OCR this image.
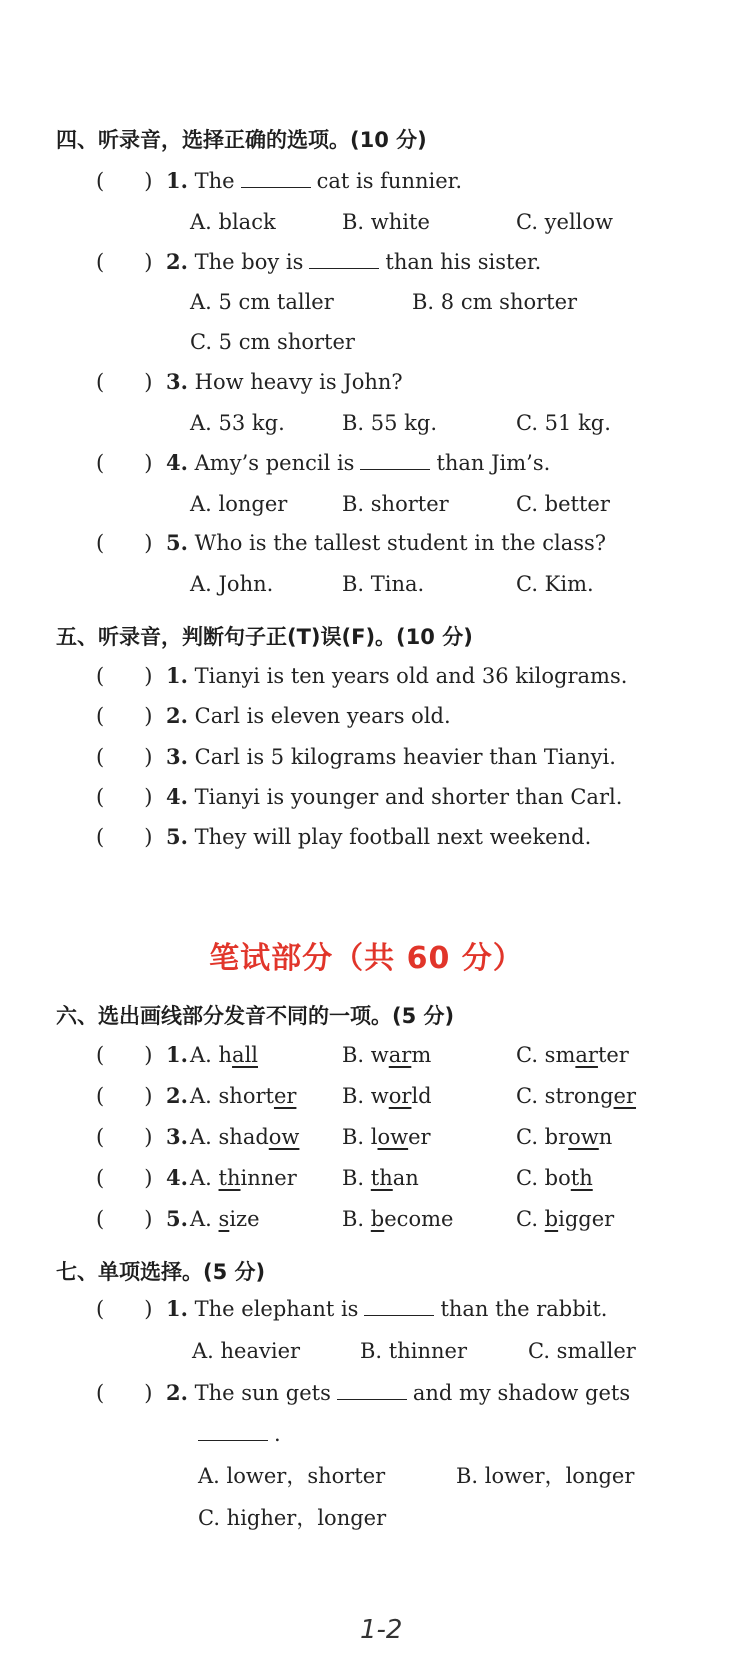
四、听录音，选择正确的选项。(10 分)
(      ) 1. The	cat is funnier.
A. black	B. white	C. yellow
(      ) 2. The boy is	than his sister.
A. 5 cm taller	B. 8 cm shorter
C. 5 cm shorter
(      ) 3. How heavy is John?
A. 53 kg.	B. 55 kg.	C. 51 kg.
(      ) 4. Amy’s pencil is	than Jim’s.
A. longer	B. shorter	C. better
(      ) 5. Who is the tallest student in the class?
A. John.	B. Tina.	C. Kim.
五、听录音，判断句子正(T)误(F)。(10 分)
(      ) 1. Tianyi is ten years old and 36 kilograms.
(      ) 2. Carl is eleven years old.
(      ) 3. Carl is 5 kilograms heavier than Tianyi.
(      ) 4. Tianyi is younger and shorter than Carl.
(      ) 5. They will play football next weekend.
笔试部分（共 60 分）
六、选出画线部分发音不同的一项。(5 分)
(      ) 1. A. hall	B. warm	C. smarter
(      ) 2. A. shorter B. world	C. stronger
(      ) 3. A. shadow B. lower	C. brown
(      ) 4. A. thinner B. than	C. both
(      ) 5. A. size	B. become	C. bigger
七、单项选择。(5 分)
(      ) 1. The elephant is	than the rabbit.
A. heavier	B. thinner	C. smaller
(      ) 2. The sun gets	and my shadow gets
.
A. lower，shorter	B. lower，longer
C. higher，longer
1-2
